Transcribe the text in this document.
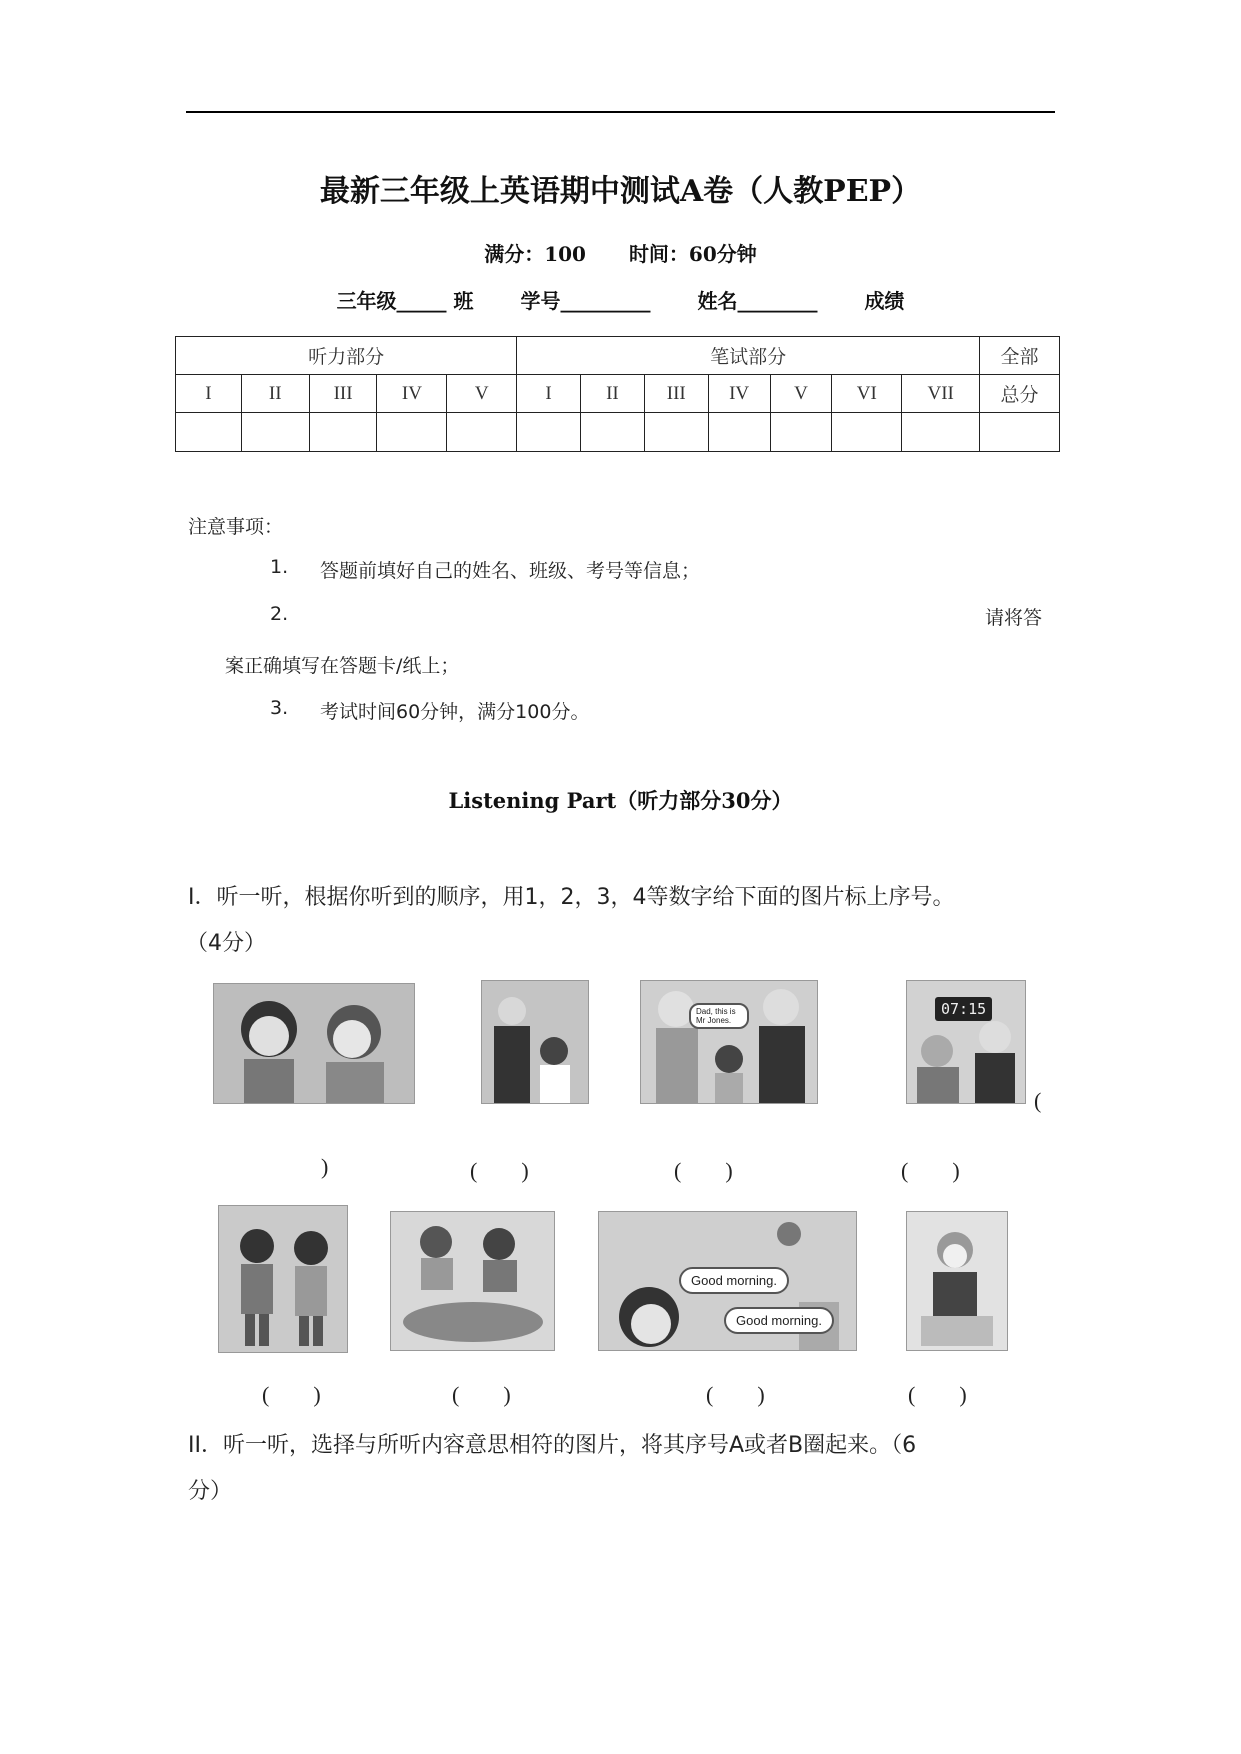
最新三年级上英语期中测试A卷（人教PEP）
满分：100 时间：60分钟
三年级_____ 班 学号_________ 姓名________ 成绩
听力部分					笔试部分							全部
I	II	III	IV	V	I	II	III	IV	V	VI	VII	总分

注意事项：
1. 答题前填好自己的姓名、班级、考号等信息；
2.	请将答
案正确填写在答题卡/纸上；
3. 考试时间60分钟，满分100分。
Listening Part（听力部分30分）
I．听一听，根据你听到的顺序，用1，2，3，4等数字给下面的图片标上序号。
（4分）
Dad, this is Mr Jones.
07:15
(
)	(　　)	(　　)	(　　)
Good morning.
Good morning.
(　　)	(　　)	(　　)	(　　)
II．听一听，选择与所听内容意思相符的图片，将其序号A或者B圈起来。（6
分）
